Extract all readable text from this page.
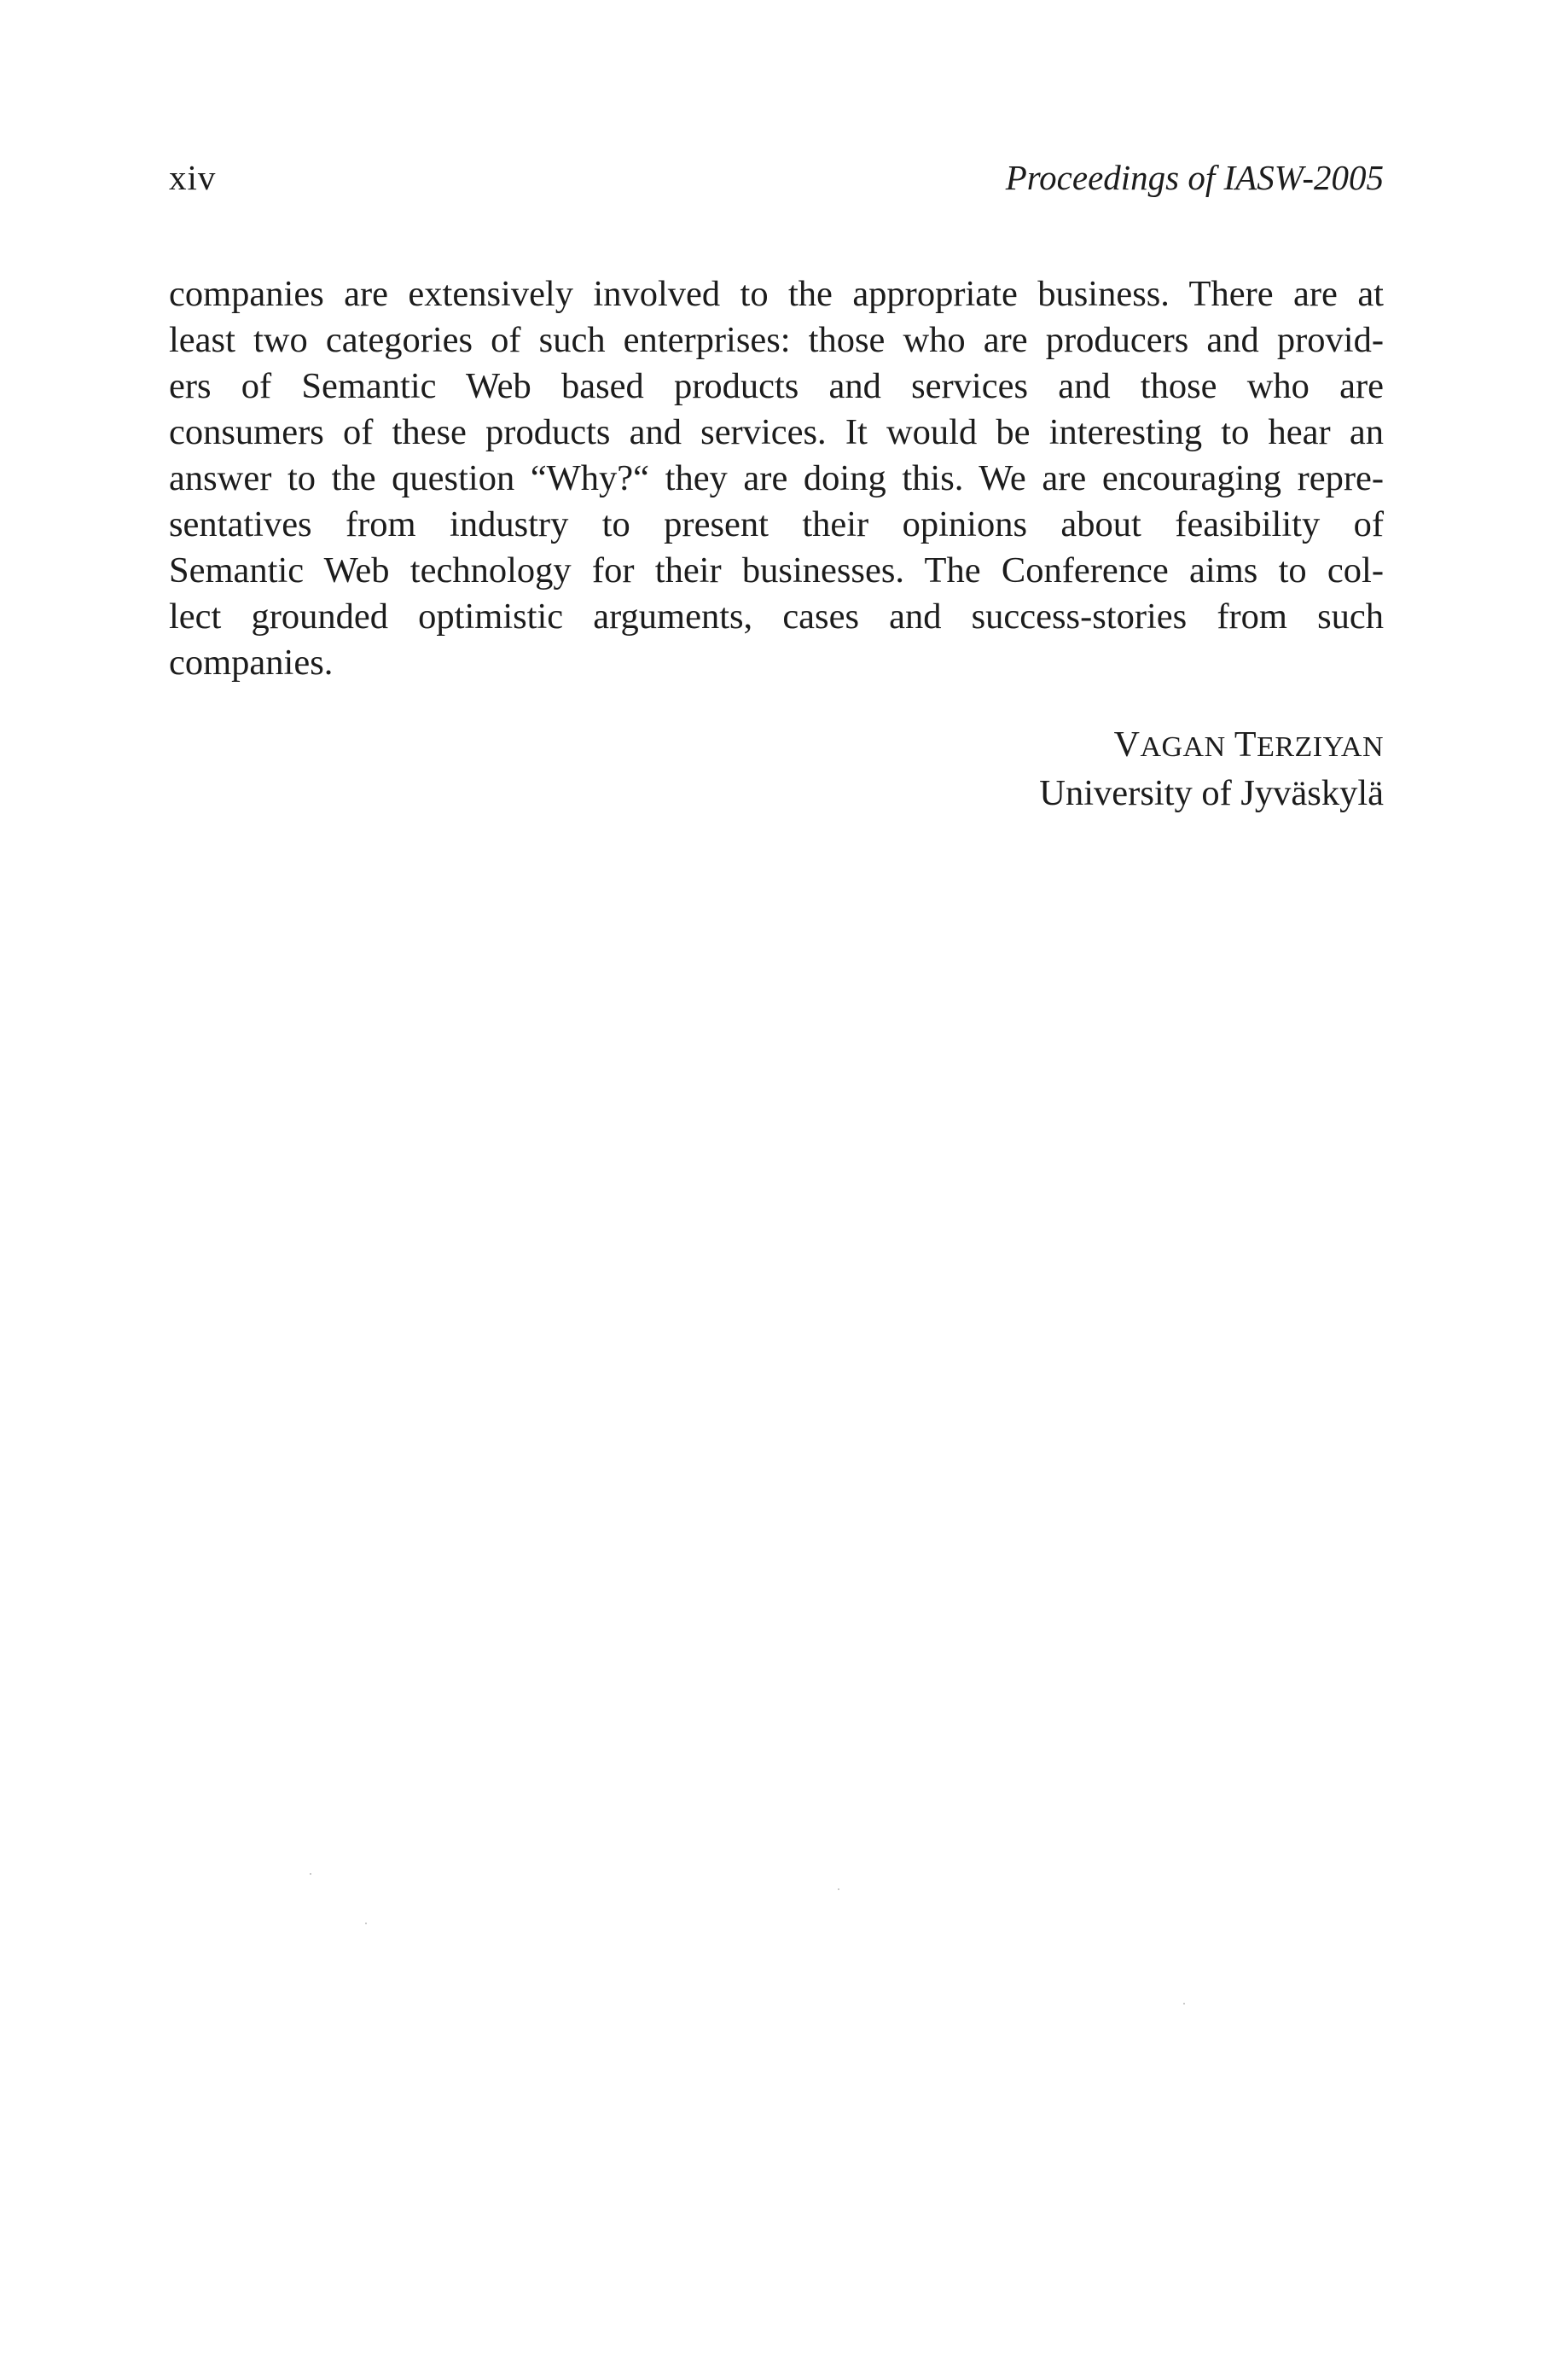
xiv	Proceedings of IASW-2005
companies are extensively involved to the appropriate business. There are at
least two categories of such enterprises: those who are producers and provid-
ers of Semantic Web based products and services and those who are
consumers of these products and services. It would be interesting to hear an
answer to the question “Why?“ they are doing this. We are encouraging repre-
sentatives from industry to present their opinions about feasibility of
Semantic Web technology for their businesses. The Conference aims to col-
lect grounded optimistic arguments, cases and success-stories from such
companies.
VAGAN TERZIYAN
University of Jyväskylä
